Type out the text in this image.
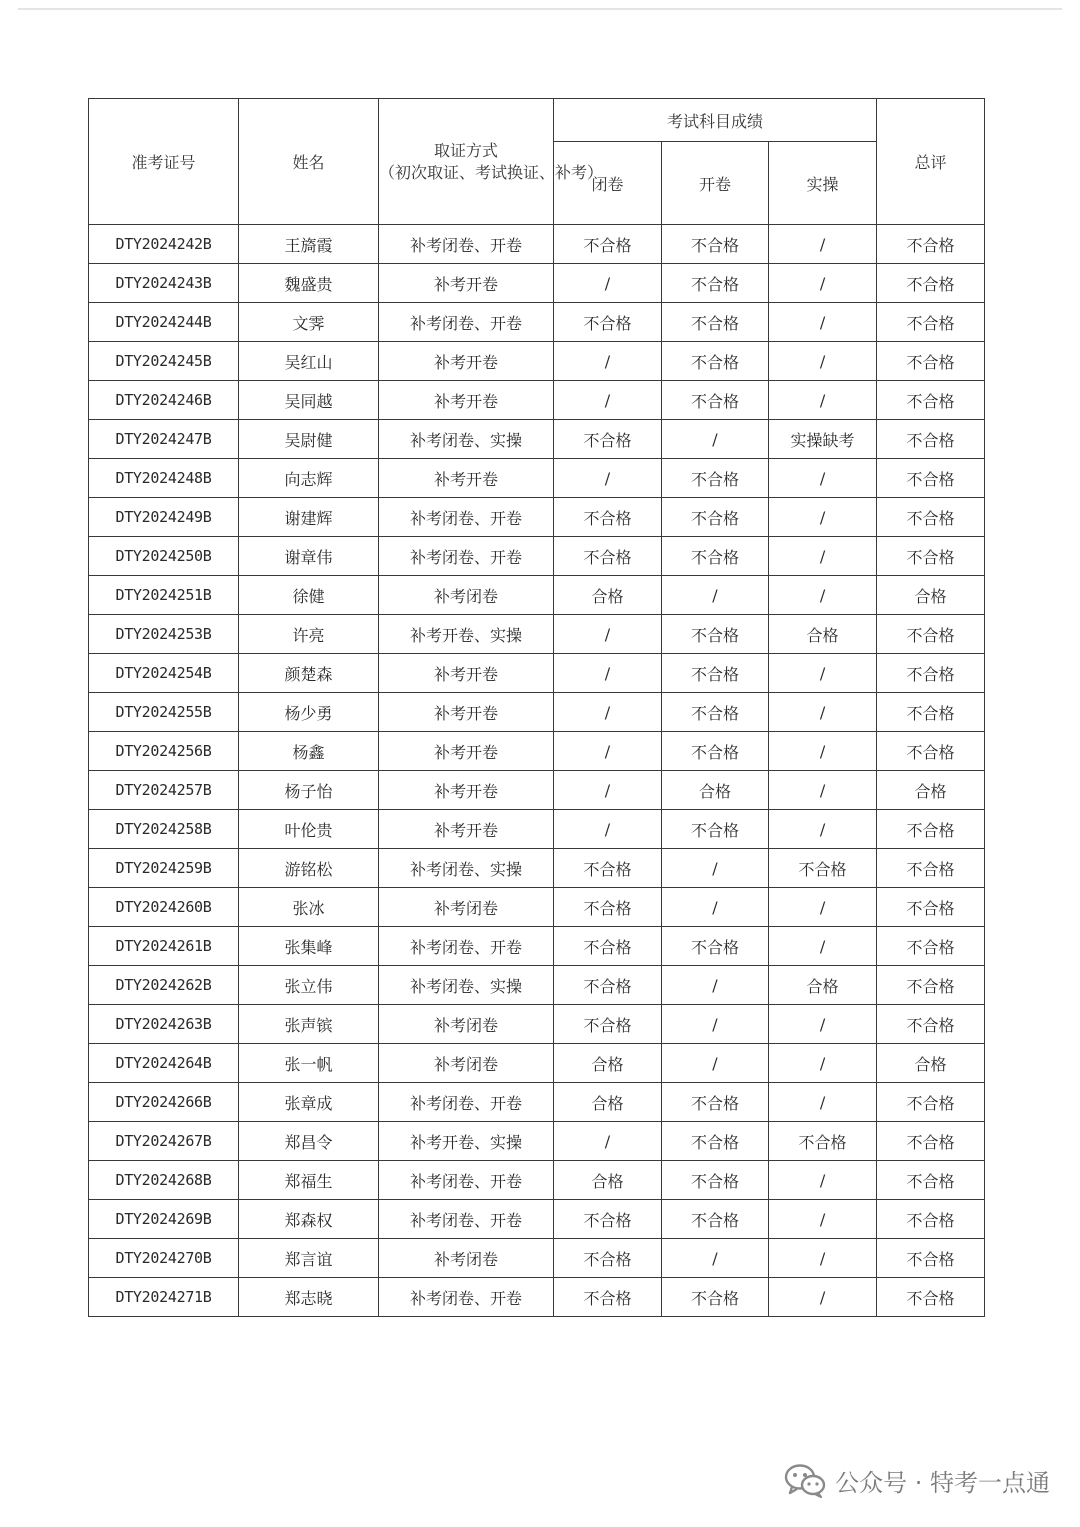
准考证号	姓名	取证方式
（初次取证、考试换证、补考）	考试科目成绩			总评
			闭卷	开卷	实操	
DTY2024242B	王旖霞	补考闭卷、开卷	不合格	不合格	/	不合格
DTY2024243B	魏盛贵	补考开卷	/	不合格	/	不合格
DTY2024244B	文霁	补考闭卷、开卷	不合格	不合格	/	不合格
DTY2024245B	吴红山	补考开卷	/	不合格	/	不合格
DTY2024246B	吴同越	补考开卷	/	不合格	/	不合格
DTY2024247B	吴尉健	补考闭卷、实操	不合格	/	实操缺考	不合格
DTY2024248B	向志辉	补考开卷	/	不合格	/	不合格
DTY2024249B	谢建辉	补考闭卷、开卷	不合格	不合格	/	不合格
DTY2024250B	谢章伟	补考闭卷、开卷	不合格	不合格	/	不合格
DTY2024251B	徐健	补考闭卷	合格	/	/	合格
DTY2024253B	许亮	补考开卷、实操	/	不合格	合格	不合格
DTY2024254B	颜楚森	补考开卷	/	不合格	/	不合格
DTY2024255B	杨少勇	补考开卷	/	不合格	/	不合格
DTY2024256B	杨鑫	补考开卷	/	不合格	/	不合格
DTY2024257B	杨子怡	补考开卷	/	合格	/	合格
DTY2024258B	叶伦贵	补考开卷	/	不合格	/	不合格
DTY2024259B	游铭松	补考闭卷、实操	不合格	/	不合格	不合格
DTY2024260B	张冰	补考闭卷	不合格	/	/	不合格
DTY2024261B	张集峰	补考闭卷、开卷	不合格	不合格	/	不合格
DTY2024262B	张立伟	补考闭卷、实操	不合格	/	合格	不合格
DTY2024263B	张声镔	补考闭卷	不合格	/	/	不合格
DTY2024264B	张一帆	补考闭卷	合格	/	/	合格
DTY2024266B	张章成	补考闭卷、开卷	合格	不合格	/	不合格
DTY2024267B	郑昌令	补考开卷、实操	/	不合格	不合格	不合格
DTY2024268B	郑福生	补考闭卷、开卷	合格	不合格	/	不合格
DTY2024269B	郑森权	补考闭卷、开卷	不合格	不合格	/	不合格
DTY2024270B	郑言谊	补考闭卷	不合格	/	/	不合格
DTY2024271B	郑志晓	补考闭卷、开卷	不合格	不合格	/	不合格
公众号 · 特考一点通
